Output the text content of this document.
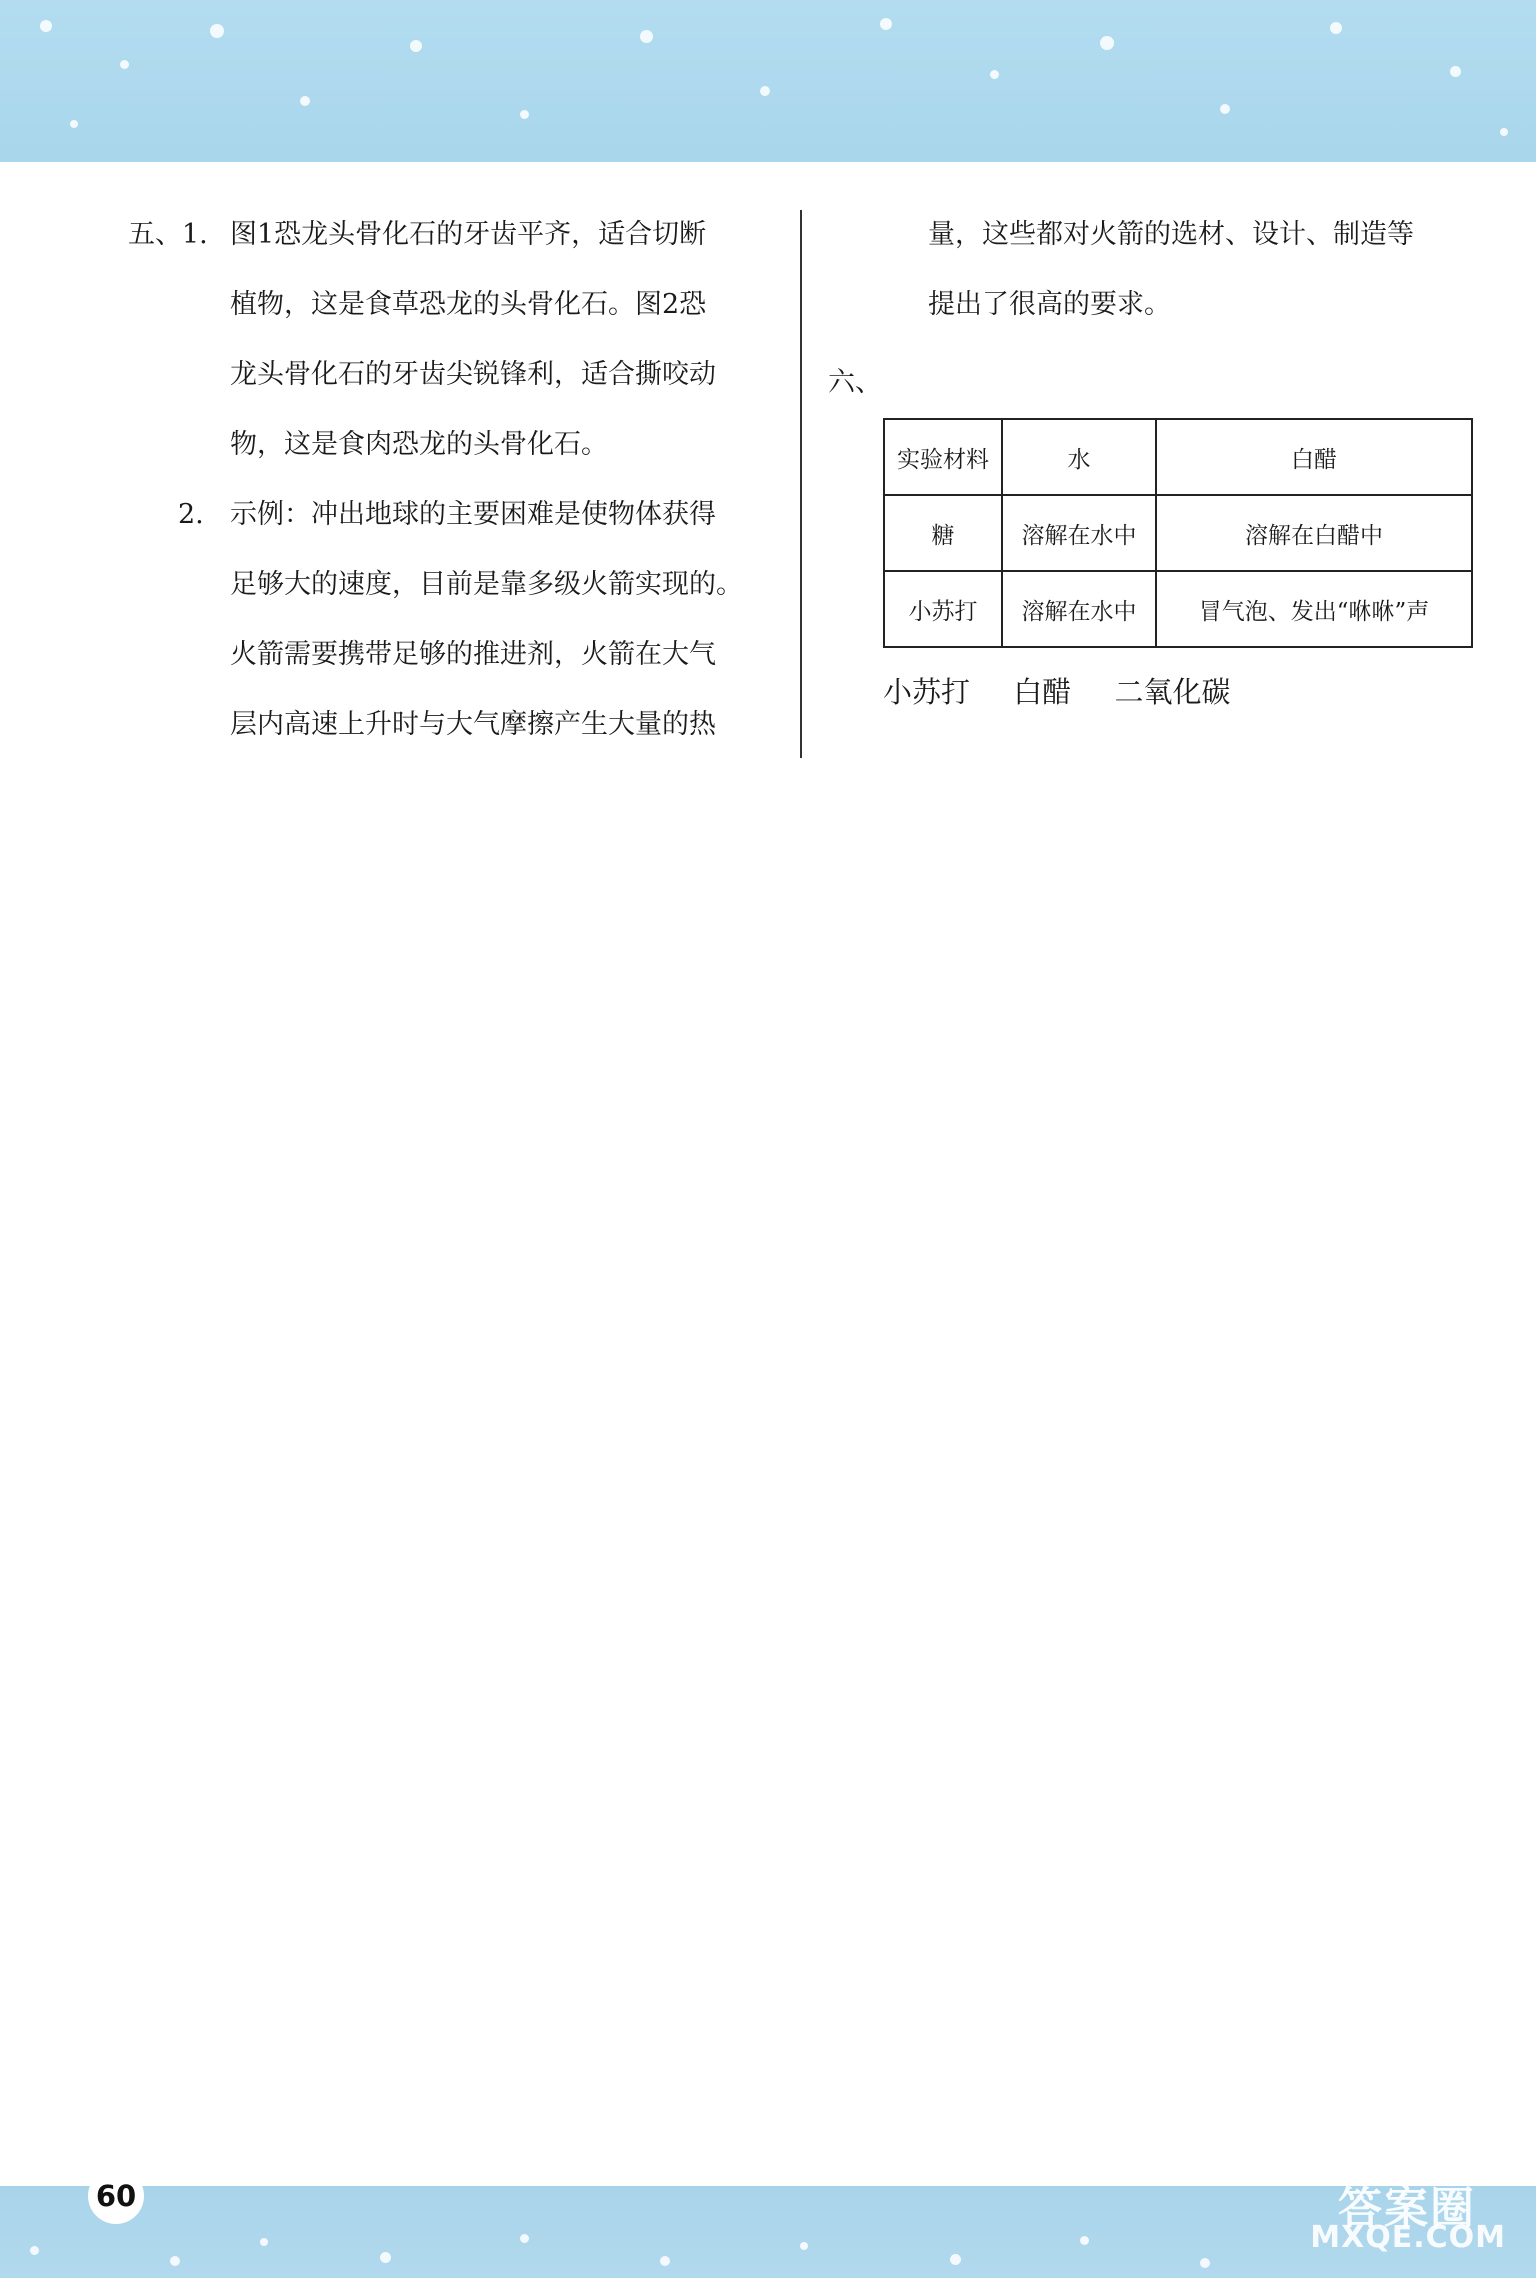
五、1. 图1恐龙头骨化石的牙齿平齐，适合切断
植物，这是食草恐龙的头骨化石。图2恐
龙头骨化石的牙齿尖锐锋利，适合撕咬动
物，这是食肉恐龙的头骨化石。
2. 示例：冲出地球的主要困难是使物体获得
足够大的速度，目前是靠多级火箭实现的。
火箭需要携带足够的推进剂，火箭在大气
层内高速上升时与大气摩擦产生大量的热
量，这些都对火箭的选材、设计、制造等
提出了很高的要求。
六、
实验材料	水	白醋
糖	溶解在水中	溶解在白醋中
小苏打	溶解在水中	冒气泡、发出“咻咻”声
小苏打 白醋 二氧化碳
60	答案圈
MXQE.COM
